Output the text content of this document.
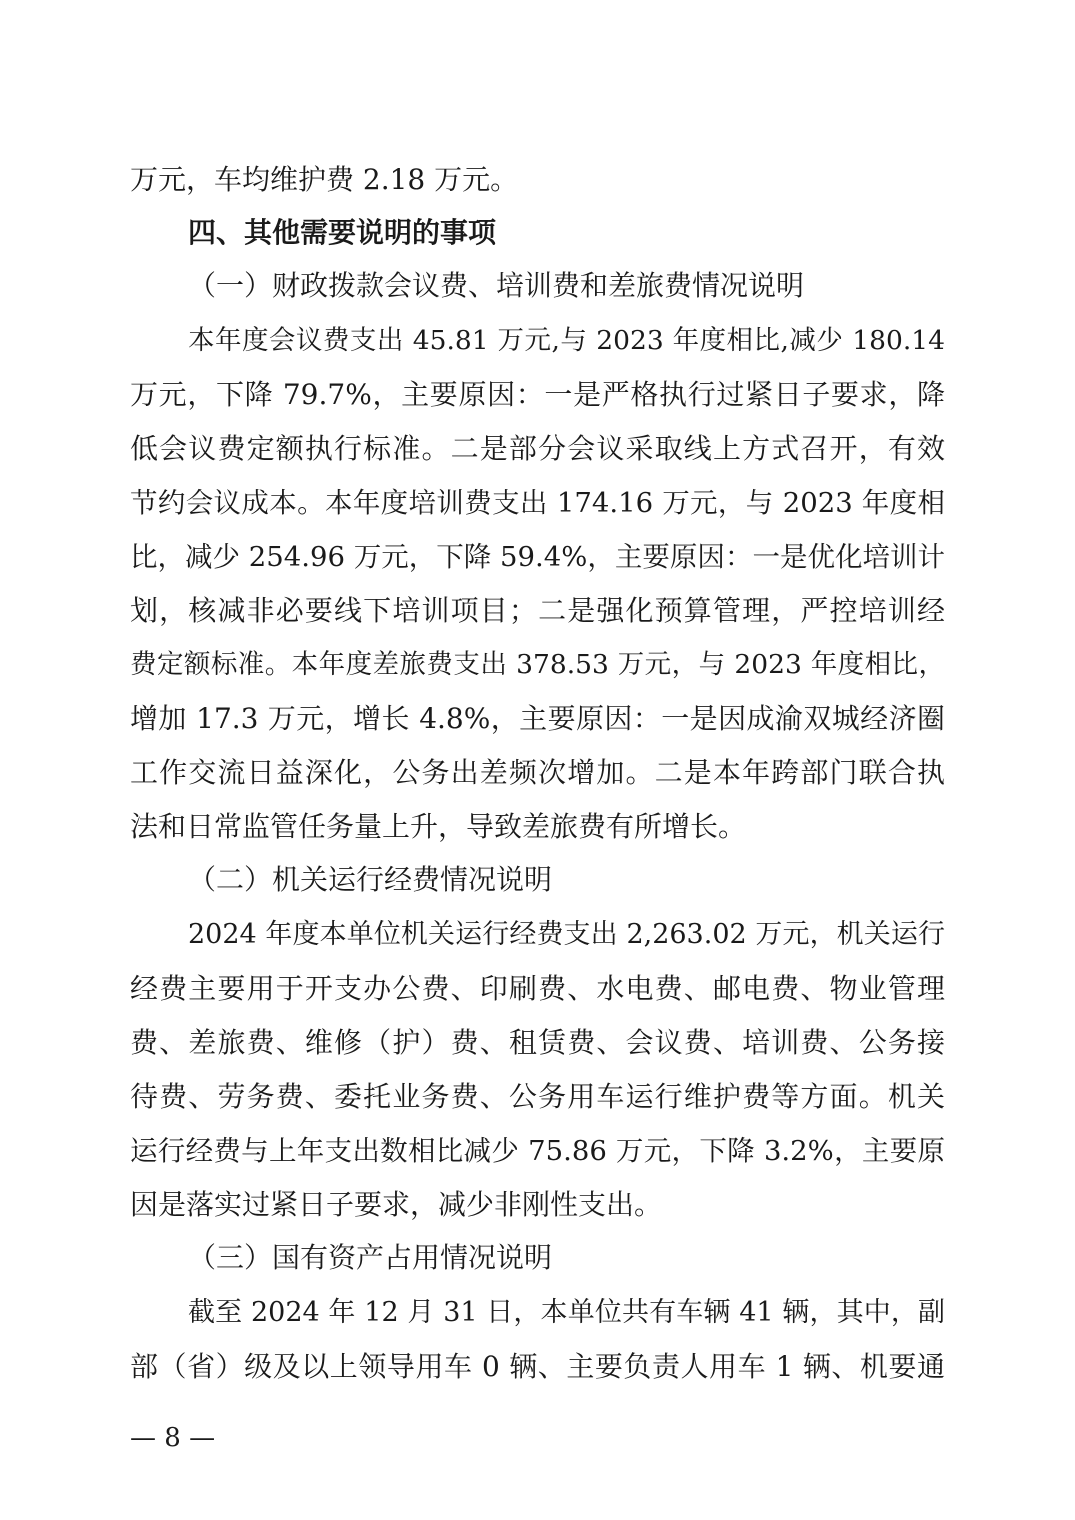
万元，车均维护费 2.18 万元。
四、其他需要说明的事项
（一）财政拨款会议费、培训费和差旅费情况说明
本年度会议费支出 45.81 万元,与 2023 年度相比,减少 180.14
万元，下降 79.7%，主要原因：一是严格执行过紧日子要求，降
低会议费定额执行标准。二是部分会议采取线上方式召开，有效
节约会议成本。本年度培训费支出 174.16 万元，与 2023 年度相
比，减少 254.96 万元，下降 59.4%，主要原因：一是优化培训计
划，核减非必要线下培训项目；二是强化预算管理，严控培训经
费定额标准。本年度差旅费支出 378.53 万元，与 2023 年度相比，
增加 17.3 万元，增长 4.8%，主要原因：一是因成渝双城经济圈
工作交流日益深化，公务出差频次增加。二是本年跨部门联合执
法和日常监管任务量上升，导致差旅费有所增长。
（二）机关运行经费情况说明
2024 年度本单位机关运行经费支出 2,263.02 万元，机关运行
经费主要用于开支办公费、印刷费、水电费、邮电费、物业管理
费、差旅费、维修（护）费、租赁费、会议费、培训费、公务接
待费、劳务费、委托业务费、公务用车运行维护费等方面。机关
运行经费与上年支出数相比减少 75.86 万元，下降 3.2%，主要原
因是落实过紧日子要求，减少非刚性支出。
（三）国有资产占用情况说明
截至 2024 年 12 月 31 日，本单位共有车辆 41 辆，其中，副
部（省）级及以上领导用车 0 辆、主要负责人用车 1 辆、机要通
— 8 —
